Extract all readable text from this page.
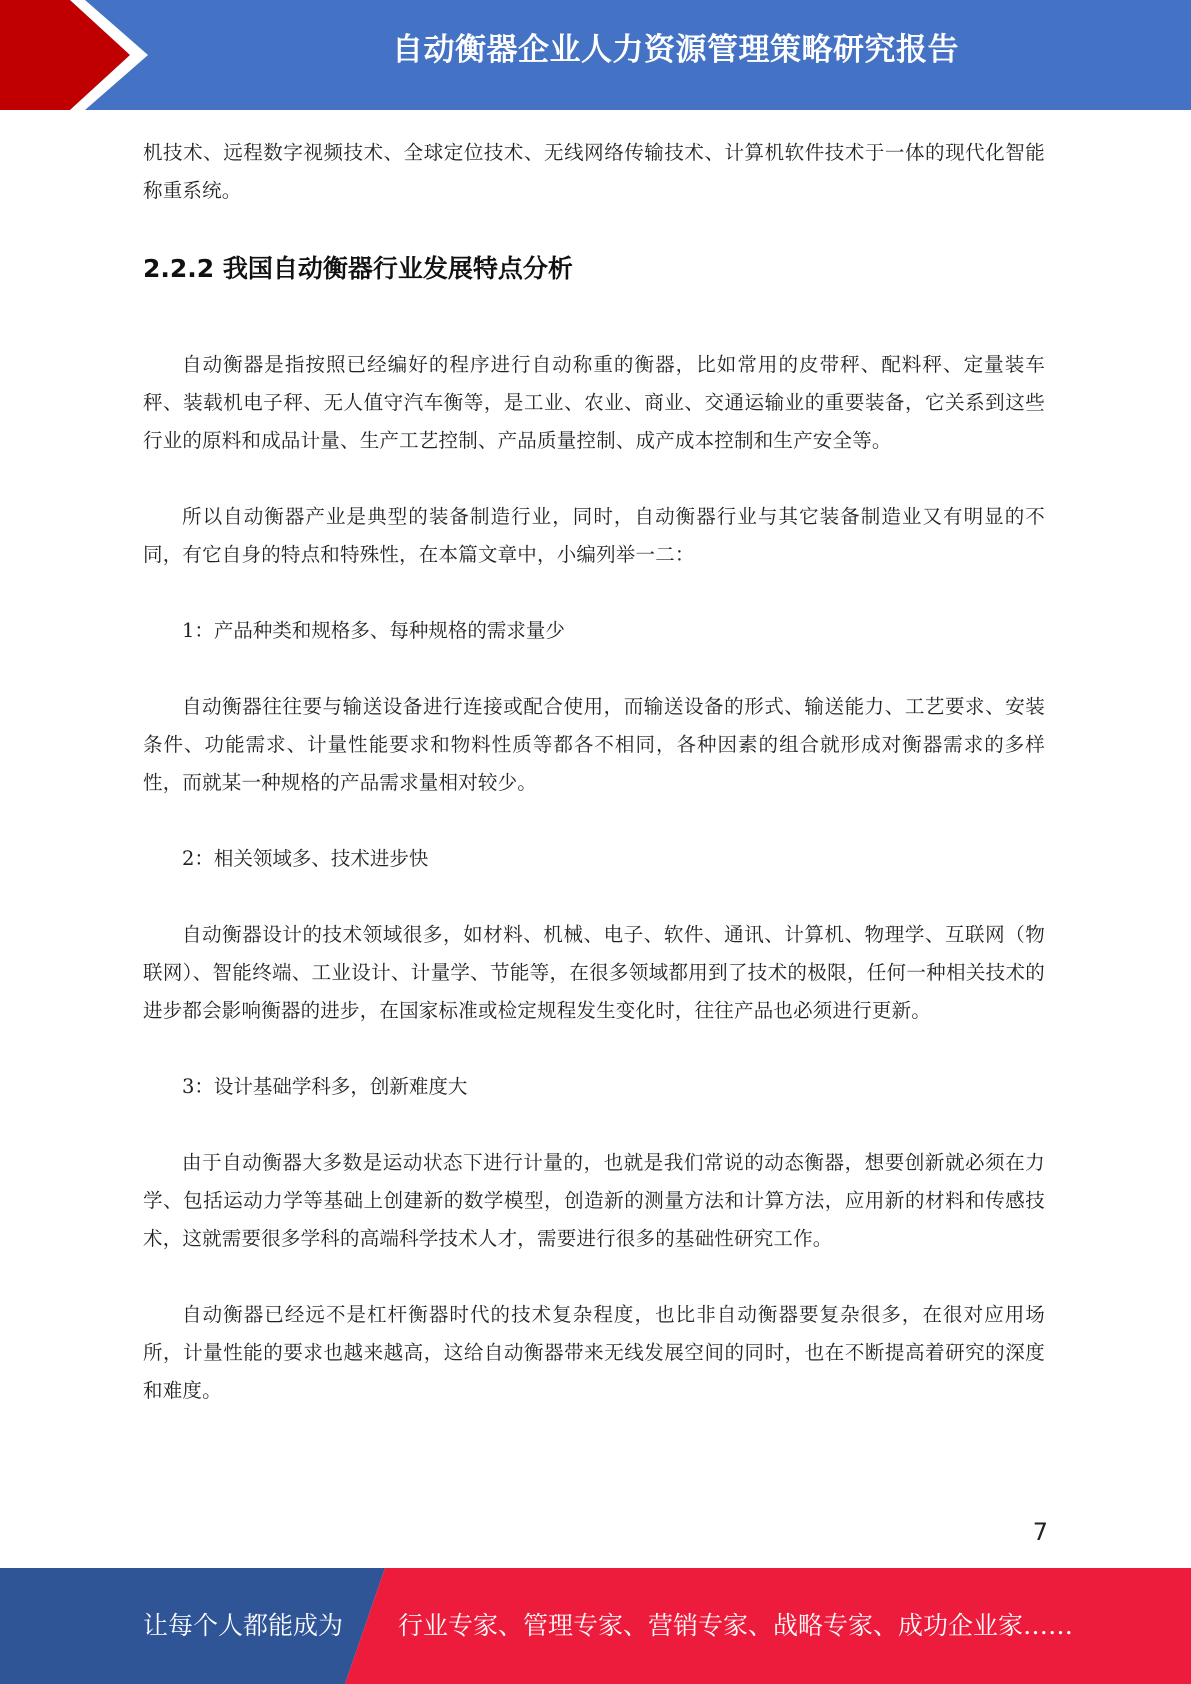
自动衡器企业人力资源管理策略研究报告

机技术、远程数字视频技术、全球定位技术、无线网络传输技术、计算机软件技术于一体的现代化智能称重系统。

2.2.2 我国自动衡器行业发展特点分析

自动衡器是指按照已经编好的程序进行自动称重的衡器，比如常用的皮带秤、配料秤、定量装车秤、装载机电子秤、无人值守汽车衡等，是工业、农业、商业、交通运输业的重要装备，它关系到这些行业的原料和成品计量、生产工艺控制、产品质量控制、成产成本控制和生产安全等。

所以自动衡器产业是典型的装备制造行业，同时，自动衡器行业与其它装备制造业又有明显的不同，有它自身的特点和特殊性，在本篇文章中，小编列举一二：

1：产品种类和规格多、每种规格的需求量少

自动衡器往往要与输送设备进行连接或配合使用，而输送设备的形式、输送能力、工艺要求、安装条件、功能需求、计量性能要求和物料性质等都各不相同，各种因素的组合就形成对衡器需求的多样性，而就某一种规格的产品需求量相对较少。

2：相关领域多、技术进步快

自动衡器设计的技术领域很多，如材料、机械、电子、软件、通讯、计算机、物理学、互联网（物联网）、智能终端、工业设计、计量学、节能等，在很多领域都用到了技术的极限，任何一种相关技术的进步都会影响衡器的进步，在国家标准或检定规程发生变化时，往往产品也必须进行更新。

3：设计基础学科多，创新难度大

由于自动衡器大多数是运动状态下进行计量的，也就是我们常说的动态衡器，想要创新就必须在力学、包括运动力学等基础上创建新的数学模型，创造新的测量方法和计算方法，应用新的材料和传感技术，这就需要很多学科的高端科学技术人才，需要进行很多的基础性研究工作。

自动衡器已经远不是杠杆衡器时代的技术复杂程度，也比非自动衡器要复杂很多，在很对应用场所，计量性能的要求也越来越高，这给自动衡器带来无线发展空间的同时，也在不断提高着研究的深度和难度。

7
让每个人都能成为 行业专家、管理专家、营销专家、战略专家、成功企业家……
